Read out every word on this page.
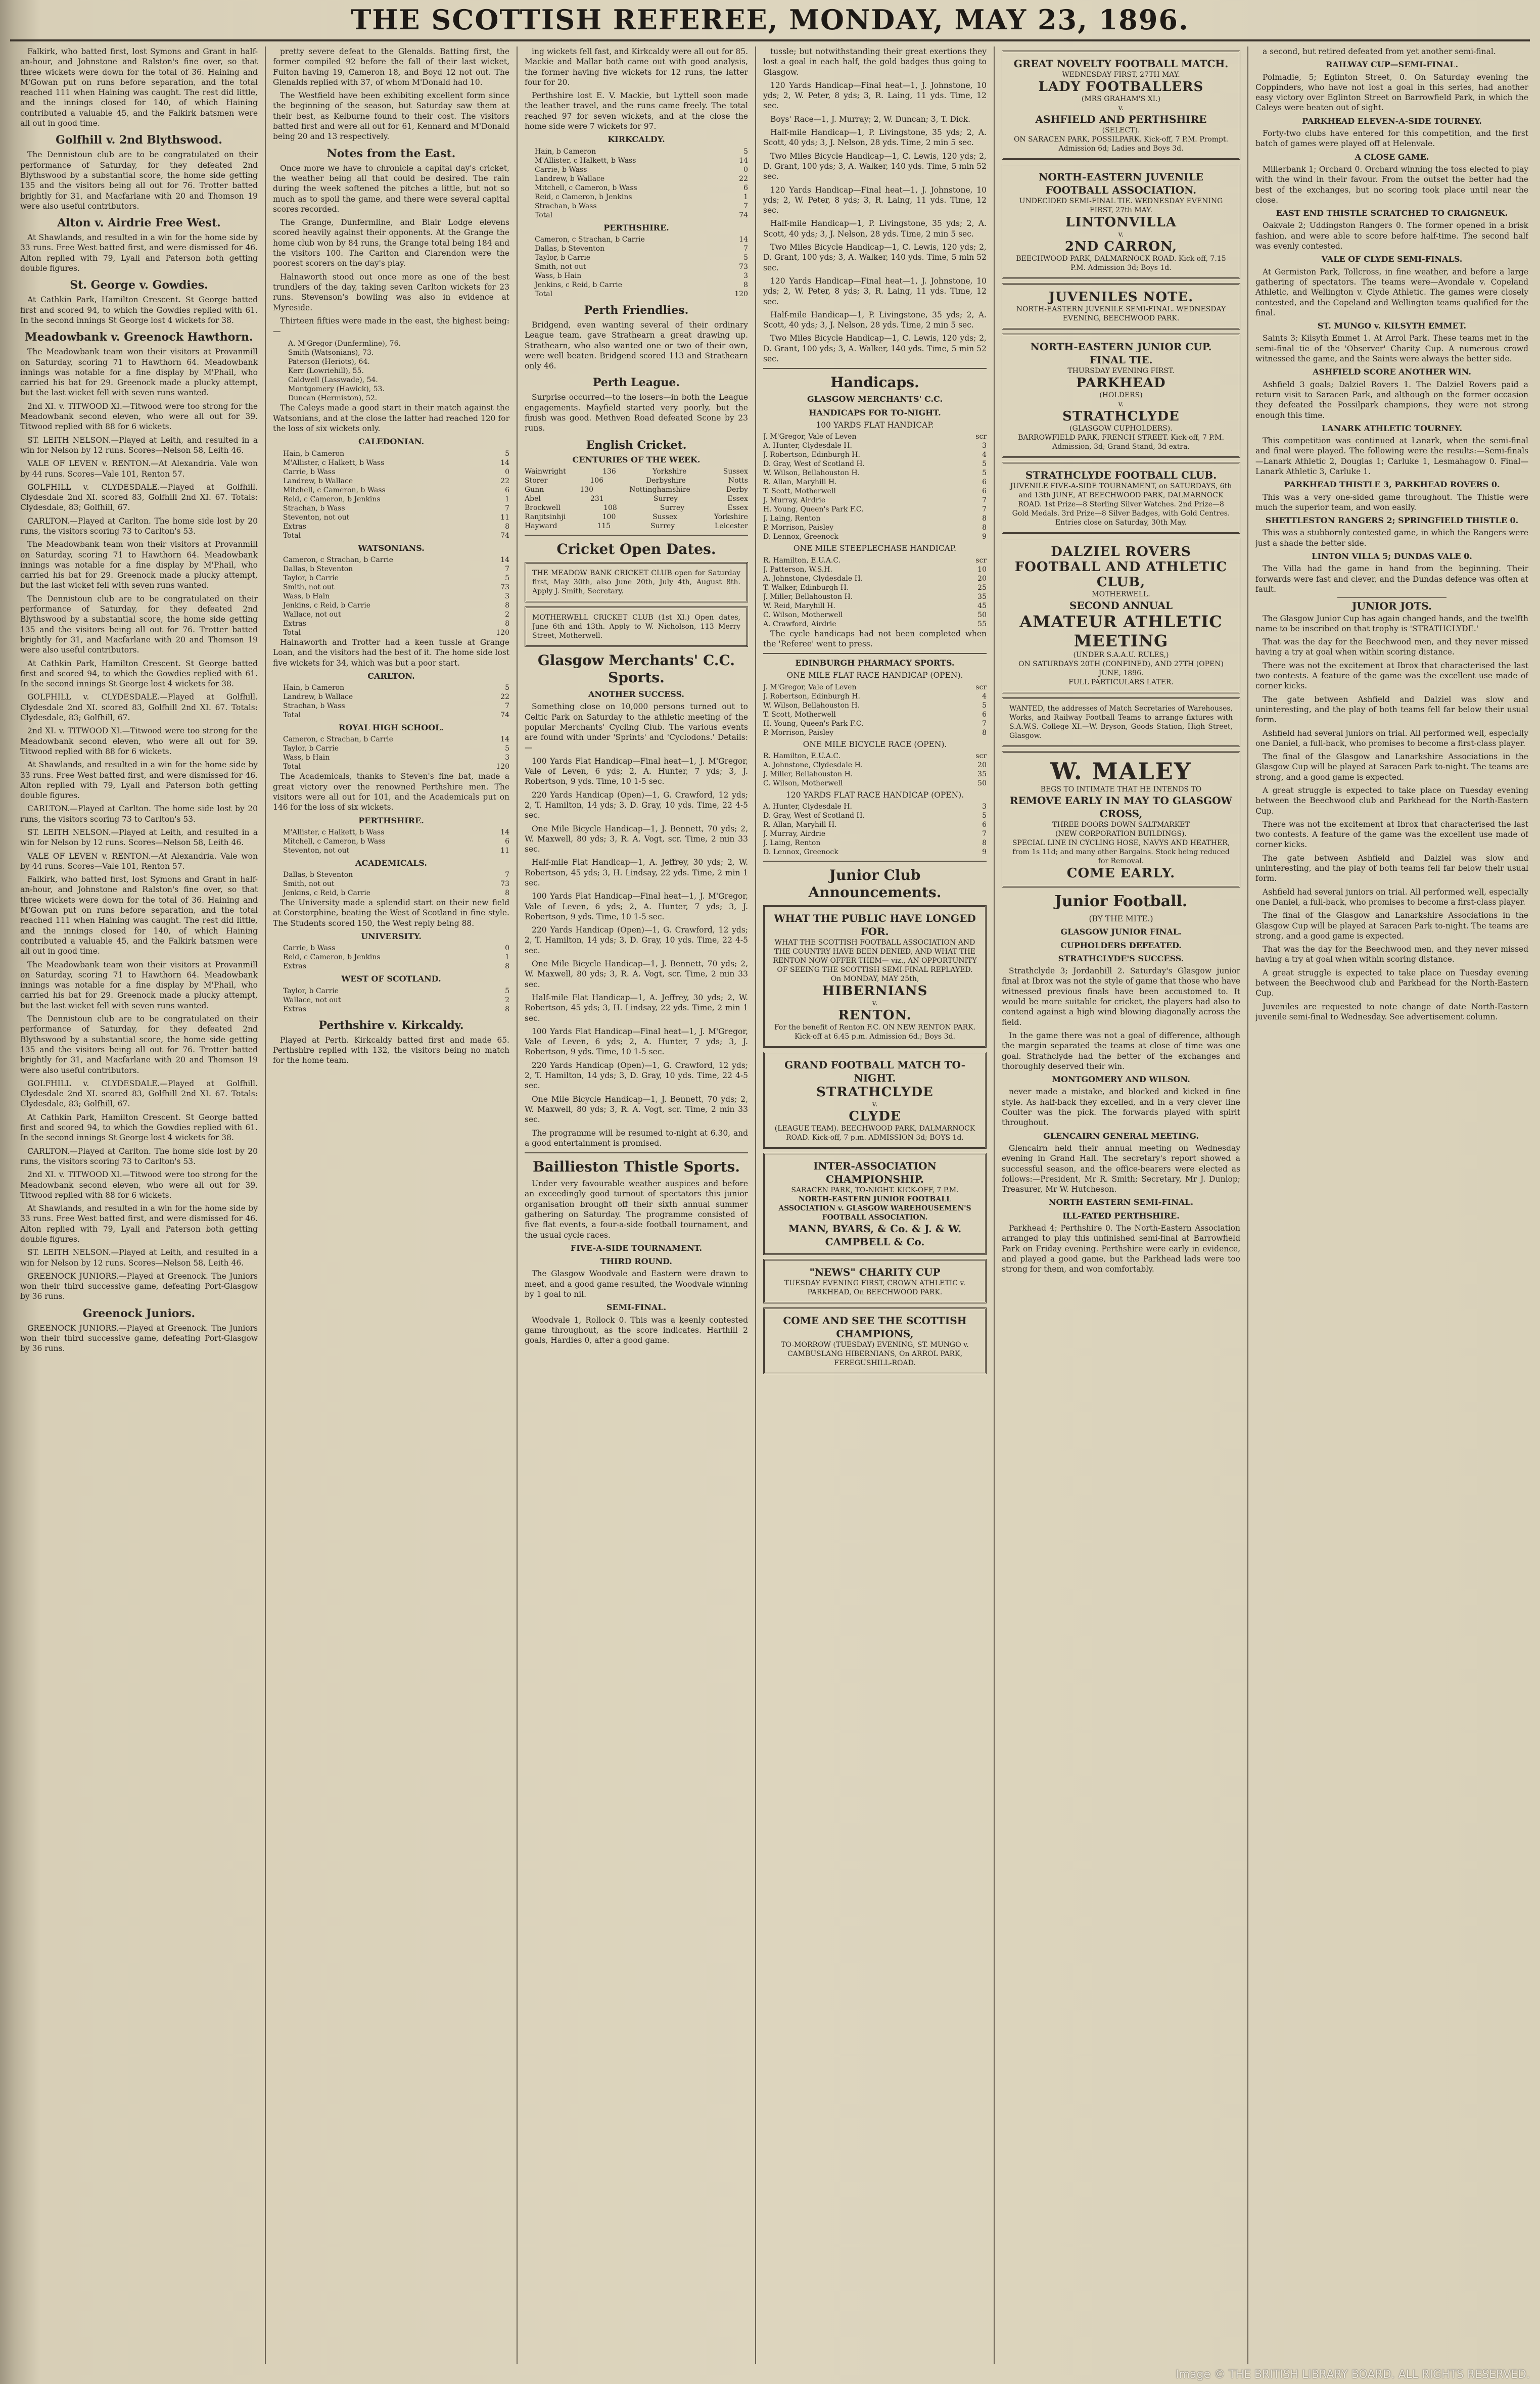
THE SCOTTISH REFEREE, MONDAY, MAY 23, 1896.

Falkirk, who batted first, lost Symons and Grant in half-an-hour, and Johnstone and Ralston's fine over, so that three wickets were down for the total of 36. Haining and M'Gowan put on runs before separation, and the total reached 111 when Haining was caught. The rest did little, and the innings closed for 140, of which Haining contributed a valuable 45, and the Falkirk batsmen were all out in good time.

Golfhill v. 2nd Blythswood.

The Dennistoun club are to be congratulated on their performance of Saturday, for they defeated 2nd Blythswood by a substantial score, the home side getting 135 and the visitors being all out for 76. Trotter batted brightly for 31, and Macfarlane with 20 and Thomson 19 were also useful contributors.

Alton v. Airdrie Free West.

At Shawlands, and resulted in a win for the home side by 33 runs. Free West batted first, and were dismissed for 46. Alton replied with 79, Lyall and Paterson both getting double figures.

St. George v. Gowdies.

At Cathkin Park, Hamilton Crescent. St George batted first and scored 94, to which the Gowdies replied with 61. In the second innings St George lost 4 wickets for 38.

Meadowbank v. Greenock Hawthorn.

The Meadowbank team won their visitors at Provanmill on Saturday, scoring 71 to Hawthorn 64. Meadowbank innings was notable for a fine display by M'Phail, who carried his bat for 29. Greenock made a plucky attempt, but the last wicket fell with seven runs wanted.

2nd XI. v. TITWOOD XI.—Titwood were too strong for the Meadowbank second eleven, who were all out for 39. Titwood replied with 88 for 6 wickets.

ST. LEITH NELSON.—Played at Leith, and resulted in a win for Nelson by 12 runs. Scores—Nelson 58, Leith 46.

VALE OF LEVEN v. RENTON.—At Alexandria. Vale won by 44 runs. Scores—Vale 101, Renton 57.

GOLFHILL v. CLYDESDALE.—Played at Golfhill. Clydesdale 2nd XI. scored 83, Golfhill 2nd XI. 67. Totals: Clydesdale, 83; Golfhill, 67.

CARLTON.—Played at Carlton. The home side lost by 20 runs, the visitors scoring 73 to Carlton's 53.

The Meadowbank team won their visitors at Provanmill on Saturday, scoring 71 to Hawthorn 64. Meadowbank innings was notable for a fine display by M'Phail, who carried his bat for 29. Greenock made a plucky attempt, but the last wicket fell with seven runs wanted.

The Dennistoun club are to be congratulated on their performance of Saturday, for they defeated 2nd Blythswood by a substantial score, the home side getting 135 and the visitors being all out for 76. Trotter batted brightly for 31, and Macfarlane with 20 and Thomson 19 were also useful contributors.

At Cathkin Park, Hamilton Crescent. St George batted first and scored 94, to which the Gowdies replied with 61. In the second innings St George lost 4 wickets for 38.

GOLFHILL v. CLYDESDALE.—Played at Golfhill. Clydesdale 2nd XI. scored 83, Golfhill 2nd XI. 67. Totals: Clydesdale, 83; Golfhill, 67.

2nd XI. v. TITWOOD XI.—Titwood were too strong for the Meadowbank second eleven, who were all out for 39. Titwood replied with 88 for 6 wickets.

At Shawlands, and resulted in a win for the home side by 33 runs. Free West batted first, and were dismissed for 46. Alton replied with 79, Lyall and Paterson both getting double figures.

CARLTON.—Played at Carlton. The home side lost by 20 runs, the visitors scoring 73 to Carlton's 53.

ST. LEITH NELSON.—Played at Leith, and resulted in a win for Nelson by 12 runs. Scores—Nelson 58, Leith 46.

VALE OF LEVEN v. RENTON.—At Alexandria. Vale won by 44 runs. Scores—Vale 101, Renton 57.

Falkirk, who batted first, lost Symons and Grant in half-an-hour, and Johnstone and Ralston's fine over, so that three wickets were down for the total of 36. Haining and M'Gowan put on runs before separation, and the total reached 111 when Haining was caught. The rest did little, and the innings closed for 140, of which Haining contributed a valuable 45, and the Falkirk batsmen were all out in good time.

The Meadowbank team won their visitors at Provanmill on Saturday, scoring 71 to Hawthorn 64. Meadowbank innings was notable for a fine display by M'Phail, who carried his bat for 29. Greenock made a plucky attempt, but the last wicket fell with seven runs wanted.

The Dennistoun club are to be congratulated on their performance of Saturday, for they defeated 2nd Blythswood by a substantial score, the home side getting 135 and the visitors being all out for 76. Trotter batted brightly for 31, and Macfarlane with 20 and Thomson 19 were also useful contributors.

GOLFHILL v. CLYDESDALE.—Played at Golfhill. Clydesdale 2nd XI. scored 83, Golfhill 2nd XI. 67. Totals: Clydesdale, 83; Golfhill, 67.

At Cathkin Park, Hamilton Crescent. St George batted first and scored 94, to which the Gowdies replied with 61. In the second innings St George lost 4 wickets for 38.

CARLTON.—Played at Carlton. The home side lost by 20 runs, the visitors scoring 73 to Carlton's 53.

2nd XI. v. TITWOOD XI.—Titwood were too strong for the Meadowbank second eleven, who were all out for 39. Titwood replied with 88 for 6 wickets.

At Shawlands, and resulted in a win for the home side by 33 runs. Free West batted first, and were dismissed for 46. Alton replied with 79, Lyall and Paterson both getting double figures.

ST. LEITH NELSON.—Played at Leith, and resulted in a win for Nelson by 12 runs. Scores—Nelson 58, Leith 46.

GREENOCK JUNIORS.—Played at Greenock. The Juniors won their third successive game, defeating Port-Glasgow by 36 runs.

Greenock Juniors.

GREENOCK JUNIORS.—Played at Greenock. The Juniors won their third successive game, defeating Port-Glasgow by 36 runs.

pretty severe defeat to the Glenalds. Batting first, the former compiled 92 before the fall of their last wicket, Fulton having 19, Cameron 18, and Boyd 12 not out. The Glenalds replied with 37, of whom M'Donald had 10.

The Westfield have been exhibiting excellent form since the beginning of the season, but Saturday saw them at their best, as Kelburne found to their cost. The visitors batted first and were all out for 61, Kennard and M'Donald being 20 and 13 respectively.

Notes from the East.

Once more we have to chronicle a capital day's cricket, the weather being all that could be desired. The rain during the week softened the pitches a little, but not so much as to spoil the game, and there were several capital scores recorded.

The Grange, Dunfermline, and Blair Lodge elevens scored heavily against their opponents. At the Grange the home club won by 84 runs, the Grange total being 184 and the visitors 100. The Carlton and Clarendon were the poorest scorers on the day's play.

Halnaworth stood out once more as one of the best trundlers of the day, taking seven Carlton wickets for 23 runs. Stevenson's bowling was also in evidence at Myreside.

Thirteen fifties were made in the east, the highest being:—

A. M'Gregor (Dunfermline), 76.
Smith (Watsonians), 73.
Paterson (Heriots), 64.
Kerr (Lowriehill), 55.
Caldwell (Lasswade), 54.
Montgomery (Hawick), 53.
Duncan (Hermiston), 52.

The Caleys made a good start in their match against the Watsonians, and at the close the latter had reached 120 for the loss of six wickets only.

CALEDONIAN.
Hain, b Cameron	5
M'Allister, c Halkett, b Wass	14
Carrie, b Wass	0
Landrew, b Wallace	22
Mitchell, c Cameron, b Wass	6
Reid, c Cameron, b Jenkins	1
Strachan, b Wass	7
Steventon, not out	11
Extras	8
Total	74
WATSONIANS.
Cameron, c Strachan, b Carrie	14
Dallas, b Steventon	7
Taylor, b Carrie	5
Smith, not out	73
Wass, b Hain	3
Jenkins, c Reid, b Carrie	8
Wallace, not out	2
Extras	8
Total	120

Halnaworth and Trotter had a keen tussle at Grange Loan, and the visitors had the best of it. The home side lost five wickets for 34, which was but a poor start.

CARLTON.
Hain, b Cameron	5
Landrew, b Wallace	22
Strachan, b Wass	7
Total	74
ROYAL HIGH SCHOOL.
Cameron, c Strachan, b Carrie	14
Taylor, b Carrie	5
Wass, b Hain	3
Total	120

The Academicals, thanks to Steven's fine bat, made a great victory over the renowned Perthshire men. The visitors were all out for 101, and the Academicals put on 146 for the loss of six wickets.

PERTHSHIRE.
M'Allister, c Halkett, b Wass	14
Mitchell, c Cameron, b Wass	6
Steventon, not out	11
ACADEMICALS.
Dallas, b Steventon	7
Smith, not out	73
Jenkins, c Reid, b Carrie	8

The University made a splendid start on their new field at Corstorphine, beating the West of Scotland in fine style. The Students scored 150, the West reply being 88.

UNIVERSITY.
Carrie, b Wass	0
Reid, c Cameron, b Jenkins	1
Extras	8
WEST OF SCOTLAND.
Taylor, b Carrie	5
Wallace, not out	2
Extras	8
Perthshire v. Kirkcaldy.

Played at Perth. Kirkcaldy batted first and made 65. Perthshire replied with 132, the visitors being no match for the home team.

ing wickets fell fast, and Kirkcaldy were all out for 85. Mackie and Mallar both came out with good analysis, the former having five wickets for 12 runs, the latter four for 20.

Perthshire lost E. V. Mackie, but Lyttell soon made the leather travel, and the runs came freely. The total reached 97 for seven wickets, and at the close the home side were 7 wickets for 97.

KIRKCALDY.
Hain, b Cameron	5
M'Allister, c Halkett, b Wass	14
Carrie, b Wass	0
Landrew, b Wallace	22
Mitchell, c Cameron, b Wass	6
Reid, c Cameron, b Jenkins	1
Strachan, b Wass	7
Total	74
PERTHSHIRE.
Cameron, c Strachan, b Carrie	14
Dallas, b Steventon	7
Taylor, b Carrie	5
Smith, not out	73
Wass, b Hain	3
Jenkins, c Reid, b Carrie	8
Total	120
Perth Friendlies.

Bridgend, even wanting several of their ordinary League team, gave Strathearn a great drawing up. Strathearn, who also wanted one or two of their own, were well beaten. Bridgend scored 113 and Strathearn only 46.

Perth League.

Surprise occurred—to the losers—in both the League engagements. Mayfield started very poorly, but the finish was good. Methven Road defeated Scone by 23 runs.

English Cricket.
CENTURIES OF THE WEEK.
Wainwright	136	Yorkshire	Sussex
Storer	106	Derbyshire	Notts
Gunn	130	Nottinghamshire	Derby
Abel	231	Surrey	Essex
Brockwell	108	Surrey	Essex
Ranjitsinhji	100	Sussex	Yorkshire
Hayward	115	Surrey	Leicester
Cricket Open Dates.
THE MEADOW BANK CRICKET CLUB open for Saturday first, May 30th, also June 20th, July 4th, August 8th. Apply J. Smith, Secretary.
MOTHERWELL CRICKET CLUB (1st XI.) Open dates, June 6th and 13th. Apply to W. Nicholson, 113 Merry Street, Motherwell.
Glasgow Merchants' C.C. Sports.
ANOTHER SUCCESS.

Something close on 10,000 persons turned out to Celtic Park on Saturday to the athletic meeting of the popular Merchants' Cycling Club. The various events are found with under 'Sprints' and 'Cyclodons.' Details:—

100 Yards Flat Handicap—Final heat—1, J. M'Gregor, Vale of Leven, 6 yds; 2, A. Hunter, 7 yds; 3, J. Robertson, 9 yds. Time, 10 1-5 sec.

220 Yards Handicap (Open)—1, G. Crawford, 12 yds; 2, T. Hamilton, 14 yds; 3, D. Gray, 10 yds. Time, 22 4-5 sec.

One Mile Bicycle Handicap—1, J. Bennett, 70 yds; 2, W. Maxwell, 80 yds; 3, R. A. Vogt, scr. Time, 2 min 33 sec.

Half-mile Flat Handicap—1, A. Jeffrey, 30 yds; 2, W. Robertson, 45 yds; 3, H. Lindsay, 22 yds. Time, 2 min 1 sec.

100 Yards Flat Handicap—Final heat—1, J. M'Gregor, Vale of Leven, 6 yds; 2, A. Hunter, 7 yds; 3, J. Robertson, 9 yds. Time, 10 1-5 sec.

220 Yards Handicap (Open)—1, G. Crawford, 12 yds; 2, T. Hamilton, 14 yds; 3, D. Gray, 10 yds. Time, 22 4-5 sec.

One Mile Bicycle Handicap—1, J. Bennett, 70 yds; 2, W. Maxwell, 80 yds; 3, R. A. Vogt, scr. Time, 2 min 33 sec.

Half-mile Flat Handicap—1, A. Jeffrey, 30 yds; 2, W. Robertson, 45 yds; 3, H. Lindsay, 22 yds. Time, 2 min 1 sec.

100 Yards Flat Handicap—Final heat—1, J. M'Gregor, Vale of Leven, 6 yds; 2, A. Hunter, 7 yds; 3, J. Robertson, 9 yds. Time, 10 1-5 sec.

220 Yards Handicap (Open)—1, G. Crawford, 12 yds; 2, T. Hamilton, 14 yds; 3, D. Gray, 10 yds. Time, 22 4-5 sec.

One Mile Bicycle Handicap—1, J. Bennett, 70 yds; 2, W. Maxwell, 80 yds; 3, R. A. Vogt, scr. Time, 2 min 33 sec.

The programme will be resumed to-night at 6.30, and a good entertainment is promised.

Baillieston Thistle Sports.

Under very favourable weather auspices and before an exceedingly good turnout of spectators this junior organisation brought off their sixth annual summer gathering on Saturday. The programme consisted of five flat events, a four-a-side football tournament, and the usual cycle races.

FIVE-A-SIDE TOURNAMENT.
THIRD ROUND.

The Glasgow Woodvale and Eastern were drawn to meet, and a good game resulted, the Woodvale winning by 1 goal to nil.

SEMI-FINAL.

Woodvale 1, Rollock 0. This was a keenly contested game throughout, as the score indicates. Harthill 2 goals, Hardies 0, after a good game.

tussle; but notwithstanding their great exertions they lost a goal in each half, the gold badges thus going to Glasgow.

120 Yards Handicap—Final heat—1, J. Johnstone, 10 yds; 2, W. Peter, 8 yds; 3, R. Laing, 11 yds. Time, 12 sec.

Boys' Race—1, J. Murray; 2, W. Duncan; 3, T. Dick.

Half-mile Handicap—1, P. Livingstone, 35 yds; 2, A. Scott, 40 yds; 3, J. Nelson, 28 yds. Time, 2 min 5 sec.

Two Miles Bicycle Handicap—1, C. Lewis, 120 yds; 2, D. Grant, 100 yds; 3, A. Walker, 140 yds. Time, 5 min 52 sec.

120 Yards Handicap—Final heat—1, J. Johnstone, 10 yds; 2, W. Peter, 8 yds; 3, R. Laing, 11 yds. Time, 12 sec.

Half-mile Handicap—1, P. Livingstone, 35 yds; 2, A. Scott, 40 yds; 3, J. Nelson, 28 yds. Time, 2 min 5 sec.

Two Miles Bicycle Handicap—1, C. Lewis, 120 yds; 2, D. Grant, 100 yds; 3, A. Walker, 140 yds. Time, 5 min 52 sec.

120 Yards Handicap—Final heat—1, J. Johnstone, 10 yds; 2, W. Peter, 8 yds; 3, R. Laing, 11 yds. Time, 12 sec.

Half-mile Handicap—1, P. Livingstone, 35 yds; 2, A. Scott, 40 yds; 3, J. Nelson, 28 yds. Time, 2 min 5 sec.

Two Miles Bicycle Handicap—1, C. Lewis, 120 yds; 2, D. Grant, 100 yds; 3, A. Walker, 140 yds. Time, 5 min 52 sec.

Handicaps.
GLASGOW MERCHANTS' C.C.
HANDICAPS FOR TO-NIGHT.
100 YARDS FLAT HANDICAP.
J. M'Gregor, Vale of Leven	scr
A. Hunter, Clydesdale H.	3
J. Robertson, Edinburgh H.	4
D. Gray, West of Scotland H.	5
W. Wilson, Bellahouston H.	5
R. Allan, Maryhill H.	6
T. Scott, Motherwell	6
J. Murray, Airdrie	7
H. Young, Queen's Park F.C.	7
J. Laing, Renton	8
P. Morrison, Paisley	8
D. Lennox, Greenock	9
ONE MILE STEEPLECHASE HANDICAP.
R. Hamilton, E.U.A.C.	scr
J. Patterson, W.S.H.	10
A. Johnstone, Clydesdale H.	20
T. Walker, Edinburgh H.	25
J. Miller, Bellahouston H.	35
W. Reid, Maryhill H.	45
C. Wilson, Motherwell	50
A. Crawford, Airdrie	55

The cycle handicaps had not been completed when the 'Referee' went to press.

EDINBURGH PHARMACY SPORTS.
ONE MILE FLAT RACE HANDICAP (OPEN).
J. M'Gregor, Vale of Leven	scr
J. Robertson, Edinburgh H.	4
W. Wilson, Bellahouston H.	5
T. Scott, Motherwell	6
H. Young, Queen's Park F.C.	7
P. Morrison, Paisley	8
ONE MILE BICYCLE RACE (OPEN).
R. Hamilton, E.U.A.C.	scr
A. Johnstone, Clydesdale H.	20
J. Miller, Bellahouston H.	35
C. Wilson, Motherwell	50
120 YARDS FLAT RACE HANDICAP (OPEN).
A. Hunter, Clydesdale H.	3
D. Gray, West of Scotland H.	5
R. Allan, Maryhill H.	6
J. Murray, Airdrie	7
J. Laing, Renton	8
D. Lennox, Greenock	9
Junior Club Announcements.
WHAT THE PUBLIC HAVE LONGED FOR.
WHAT THE SCOTTISH FOOTBALL ASSOCIATION AND THE COUNTRY HAVE BEEN DENIED, AND WHAT THE RENTON NOW OFFER THEM— viz., AN OPPORTUNITY OF SEEING THE SCOTTISH SEMI-FINAL REPLAYED. On MONDAY, MAY 25th,
HIBERNIANS
v.
RENTON.
For the benefit of Renton F.C. ON NEW RENTON PARK. Kick-off at 6.45 p.m. Admission 6d.; Boys 3d.
GRAND FOOTBALL MATCH TO-NIGHT.
STRATHCLYDE
v.
CLYDE
(LEAGUE TEAM). BEECHWOOD PARK, DALMARNOCK ROAD. Kick-off, 7 p.m. ADMISSION 3d; BOYS 1d.
INTER-ASSOCIATION CHAMPIONSHIP.
SARACEN PARK, TO-NIGHT. KICK-OFF, 7 P.M.
NORTH-EASTERN JUNIOR FOOTBALL ASSOCIATION v. GLASGOW WAREHOUSEMEN'S FOOTBALL ASSOCIATION.
MANN, BYARS, & Co. & J. & W. CAMPBELL & Co.
"NEWS" CHARITY CUP
TUESDAY EVENING FIRST, CROWN ATHLETIC v. PARKHEAD, On BEECHWOOD PARK.
COME AND SEE THE SCOTTISH CHAMPIONS,
TO-MORROW (TUESDAY) EVENING, ST. MUNGO v. CAMBUSLANG HIBERNIANS, On ARROL PARK, FEREGUSHILL-ROAD.
GREAT NOVELTY FOOTBALL MATCH.
WEDNESDAY FIRST, 27TH MAY.
LADY FOOTBALLERS
(MRS GRAHAM'S XI.)
v.
ASHFIELD AND PERTHSHIRE
(SELECT).
ON SARACEN PARK, POSSILPARK. Kick-off, 7 P.M. Prompt. Admission 6d; Ladies and Boys 3d.
NORTH-EASTERN JUVENILE FOOTBALL ASSOCIATION.
UNDECIDED SEMI-FINAL TIE. WEDNESDAY EVENING FIRST, 27th MAY.
LINTONVILLA
v.
2ND CARRON,
BEECHWOOD PARK, DALMARNOCK ROAD. Kick-off, 7.15 P.M. Admission 3d; Boys 1d.
JUVENILES NOTE.
NORTH-EASTERN JUVENILE SEMI-FINAL. WEDNESDAY EVENING, BEECHWOOD PARK.
NORTH-EASTERN JUNIOR CUP.
FINAL TIE.
THURSDAY EVENING FIRST.
PARKHEAD
(HOLDERS)
v.
STRATHCLYDE
(GLASGOW CUPHOLDERS).
BARROWFIELD PARK, FRENCH STREET. Kick-off, 7 P.M. Admission, 3d; Grand Stand, 3d extra.
STRATHCLYDE FOOTBALL CLUB.
JUVENILE FIVE-A-SIDE TOURNAMENT, on SATURDAYS, 6th and 13th JUNE, AT BEECHWOOD PARK, DALMARNOCK ROAD. 1st Prize—8 Sterling Silver Watches. 2nd Prize—8 Gold Medals. 3rd Prize—8 Silver Badges, with Gold Centres. Entries close on Saturday, 30th May.
DALZIEL ROVERS FOOTBALL AND ATHLETIC CLUB,
MOTHERWELL.
SECOND ANNUAL
AMATEUR ATHLETIC MEETING
(UNDER S.A.A.U. RULES,)
ON SATURDAYS 20TH (CONFINED), AND 27TH (OPEN) JUNE, 1896.
FULL PARTICULARS LATER.
WANTED, the addresses of Match Secretaries of Warehouses, Works, and Railway Football Teams to arrange fixtures with S.A.W.S. College XI.—W. Bryson, Goods Station, High Street, Glasgow.
W. MALEY
BEGS TO INTIMATE THAT HE INTENDS TO
REMOVE EARLY IN MAY TO GLASGOW CROSS,
THREE DOORS DOWN SALTMARKET
(NEW CORPORATION BUILDINGS).
SPECIAL LINE IN CYCLING HOSE, NAVYS AND HEATHER, from 1s 11d; and many other Bargains. Stock being reduced for Removal.
COME EARLY.
Junior Football.
(BY THE MITE.)
GLASGOW JUNIOR FINAL.
CUPHOLDERS DEFEATED.
STRATHCLYDE'S SUCCESS.

Strathclyde 3; Jordanhill 2. Saturday's Glasgow junior final at Ibrox was not the style of game that those who have witnessed previous finals have been accustomed to. It would be more suitable for cricket, the players had also to contend against a high wind blowing diagonally across the field.

In the game there was not a goal of difference, although the margin separated the teams at close of time was one goal. Strathclyde had the better of the exchanges and thoroughly deserved their win.

MONTGOMERY AND WILSON.

never made a mistake, and blocked and kicked in fine style. As half-back they excelled, and in a very clever line Coulter was the pick. The forwards played with spirit throughout.

GLENCAIRN GENERAL MEETING.

Glencairn held their annual meeting on Wednesday evening in Grand Hall. The secretary's report showed a successful season, and the office-bearers were elected as follows:—President, Mr R. Smith; Secretary, Mr J. Dunlop; Treasurer, Mr W. Hutcheson.

NORTH EASTERN SEMI-FINAL.
ILL-FATED PERTHSHIRE.

Parkhead 4; Perthshire 0. The North-Eastern Association arranged to play this unfinished semi-final at Barrowfield Park on Friday evening. Perthshire were early in evidence, and played a good game, but the Parkhead lads were too strong for them, and won comfortably.

a second, but retired defeated from yet another semi-final.

RAILWAY CUP—SEMI-FINAL.

Polmadie, 5; Eglinton Street, 0. On Saturday evening the Coppinders, who have not lost a goal in this series, had another easy victory over Eglinton Street on Barrowfield Park, in which the Caleys were beaten out of sight.

PARKHEAD ELEVEN-A-SIDE TOURNEY.

Forty-two clubs have entered for this competition, and the first batch of games were played off at Helenvale.

A CLOSE GAME.

Millerbank 1; Orchard 0. Orchard winning the toss elected to play with the wind in their favour. From the outset the better had the best of the exchanges, but no scoring took place until near the close.

EAST END THISTLE SCRATCHED TO CRAIGNEUK.

Oakvale 2; Uddingston Rangers 0. The former opened in a brisk fashion, and were able to score before half-time. The second half was evenly contested.

VALE OF CLYDE SEMI-FINALS.

At Germiston Park, Tollcross, in fine weather, and before a large gathering of spectators. The teams were—Avondale v. Copeland Athletic, and Wellington v. Clyde Athletic. The games were closely contested, and the Copeland and Wellington teams qualified for the final.

ST. MUNGO v. KILSYTH EMMET.

Saints 3; Kilsyth Emmet 1. At Arrol Park. These teams met in the semi-final tie of the 'Observer' Charity Cup. A numerous crowd witnessed the game, and the Saints were always the better side.

ASHFIELD SCORE ANOTHER WIN.

Ashfield 3 goals; Dalziel Rovers 1. The Dalziel Rovers paid a return visit to Saracen Park, and although on the former occasion they defeated the Possilpark champions, they were not strong enough this time.

LANARK ATHLETIC TOURNEY.

This competition was continued at Lanark, when the semi-final and final were played. The following were the results:—Semi-finals—Lanark Athletic 2, Douglas 1; Carluke 1, Lesmahagow 0. Final—Lanark Athletic 3, Carluke 1.

PARKHEAD THISTLE 3, PARKHEAD ROVERS 0.

This was a very one-sided game throughout. The Thistle were much the superior team, and won easily.

SHETTLESTON RANGERS 2; SPRINGFIELD THISTLE 0.

This was a stubbornly contested game, in which the Rangers were just a shade the better side.

LINTON VILLA 5; DUNDAS VALE 0.

The Villa had the game in hand from the beginning. Their forwards were fast and clever, and the Dundas defence was often at fault.

JUNIOR JOTS.

The Glasgow Junior Cup has again changed hands, and the twelfth name to be inscribed on that trophy is 'STRATHCLYDE.'

That was the day for the Beechwood men, and they never missed having a try at goal when within scoring distance.

There was not the excitement at Ibrox that characterised the last two contests. A feature of the game was the excellent use made of corner kicks.

The gate between Ashfield and Dalziel was slow and uninteresting, and the play of both teams fell far below their usual form.

Ashfield had several juniors on trial. All performed well, especially one Daniel, a full-back, who promises to become a first-class player.

The final of the Glasgow and Lanarkshire Associations in the Glasgow Cup will be played at Saracen Park to-night. The teams are strong, and a good game is expected.

A great struggle is expected to take place on Tuesday evening between the Beechwood club and Parkhead for the North-Eastern Cup.

There was not the excitement at Ibrox that characterised the last two contests. A feature of the game was the excellent use made of corner kicks.

The gate between Ashfield and Dalziel was slow and uninteresting, and the play of both teams fell far below their usual form.

Ashfield had several juniors on trial. All performed well, especially one Daniel, a full-back, who promises to become a first-class player.

The final of the Glasgow and Lanarkshire Associations in the Glasgow Cup will be played at Saracen Park to-night. The teams are strong, and a good game is expected.

That was the day for the Beechwood men, and they never missed having a try at goal when within scoring distance.

A great struggle is expected to take place on Tuesday evening between the Beechwood club and Parkhead for the North-Eastern Cup.

Juveniles are requested to note change of date North-Eastern juvenile semi-final to Wednesday. See advertisement column.

Image © THE BRITISH LIBRARY BOARD. ALL RIGHTS RESERVED.
